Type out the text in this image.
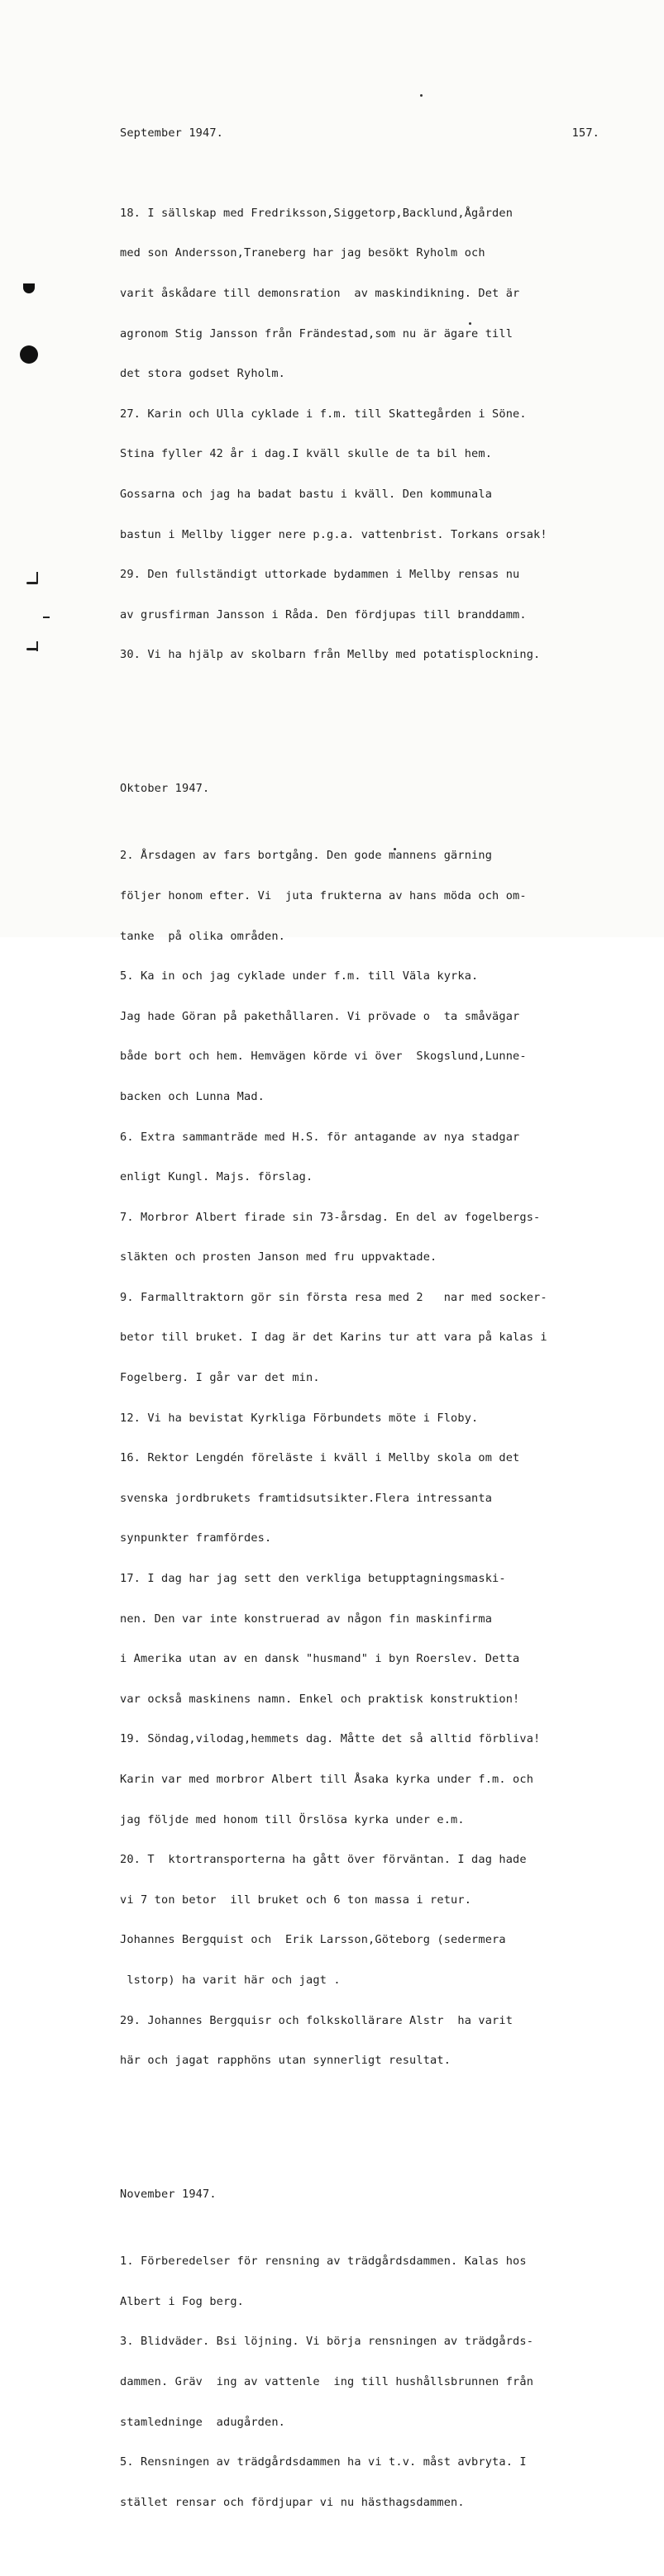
September 1947.	157.

18. I sällskap med Fredriksson,Siggetorp,Backlund,Ågården

med son Andersson,Traneberg har jag besökt Ryholm och

varit åskådare till demonsration  av maskindikning. Det är

agronom Stig Jansson från Frändestad,som nu är ägare till

det stora godset Ryholm.

27. Karin och Ulla cyklade i f.m. till Skattegården i Söne.

Stina fyller 42 år i dag.I kväll skulle de ta bil hem.

Gossarna och jag ha badat bastu i kväll. Den kommunala

bastun i Mellby ligger nere p.g.a. vattenbrist. Torkans orsak!

29. Den fullständigt uttorkade bydammen i Mellby rensas nu

av grusfirman Jansson i Råda. Den fördjupas till branddamm.

30. Vi ha hjälp av skolbarn från Mellby med potatisplockning.

Oktober 1947.

2. Årsdagen av fars bortgång. Den gode mannens gärning

följer honom efter. Vi  juta frukterna av hans möda och om-

tanke  på olika områden.

5. Ka in och jag cyklade under f.m. till Väla kyrka.

Jag hade Göran på pakethållaren. Vi prövade o  ta småvägar

både bort och hem. Hemvägen körde vi över  Skogslund,Lunne-

backen och Lunna Mad.

6. Extra sammanträde med H.S. för antagande av nya stadgar

enligt Kungl. Majs. förslag.

7. Morbror Albert firade sin 73-årsdag. En del av fogelbergs-

släkten och prosten Janson med fru uppvaktade.

9. Farmalltraktorn gör sin första resa med 2   nar med socker-

betor till bruket. I dag är det Karins tur att vara på kalas i

Fogelberg. I går var det min.

12. Vi ha bevistat Kyrkliga Förbundets möte i Floby.

16. Rektor Lengdén föreläste i kväll i Mellby skola om det

svenska jordbrukets framtidsutsikter.Flera intressanta

synpunkter framfördes.

17. I dag har jag sett den verkliga betupptagningsmaski-

nen. Den var inte konstruerad av någon fin maskinfirma

i Amerika utan av en dansk "husmand" i byn Roerslev. Detta

var också maskinens namn. Enkel och praktisk konstruktion!

19. Söndag,vilodag,hemmets dag. Måtte det så alltid förbliva!

Karin var med morbror Albert till Åsaka kyrka under f.m. och

jag följde med honom till Örslösa kyrka under e.m.

20. T  ktortransporterna ha gått över förväntan. I dag hade

vi 7 ton betor  ill bruket och 6 ton massa i retur.

Johannes Bergquist och  Erik Larsson,Göteborg (sedermera

lstorp) ha varit här och jagt .

29. Johannes Bergquisr och folkskollärare Alstr  ha varit

här och jagat rapphöns utan synnerligt resultat.

November 1947.

1. Förberedelser för rensning av trädgårdsdammen. Kalas hos

Albert i Fog berg.

3. Blidväder. Bsi löjning. Vi börja rensningen av trädgårds-

dammen. Gräv  ing av vattenle  ing till hushållsbrunnen från

stamledninge  adugården.

5. Rensningen av trädgårdsdammen ha vi t.v. måst avbryta. I

stället rensar och fördjupar vi nu hästhagsdammen.
